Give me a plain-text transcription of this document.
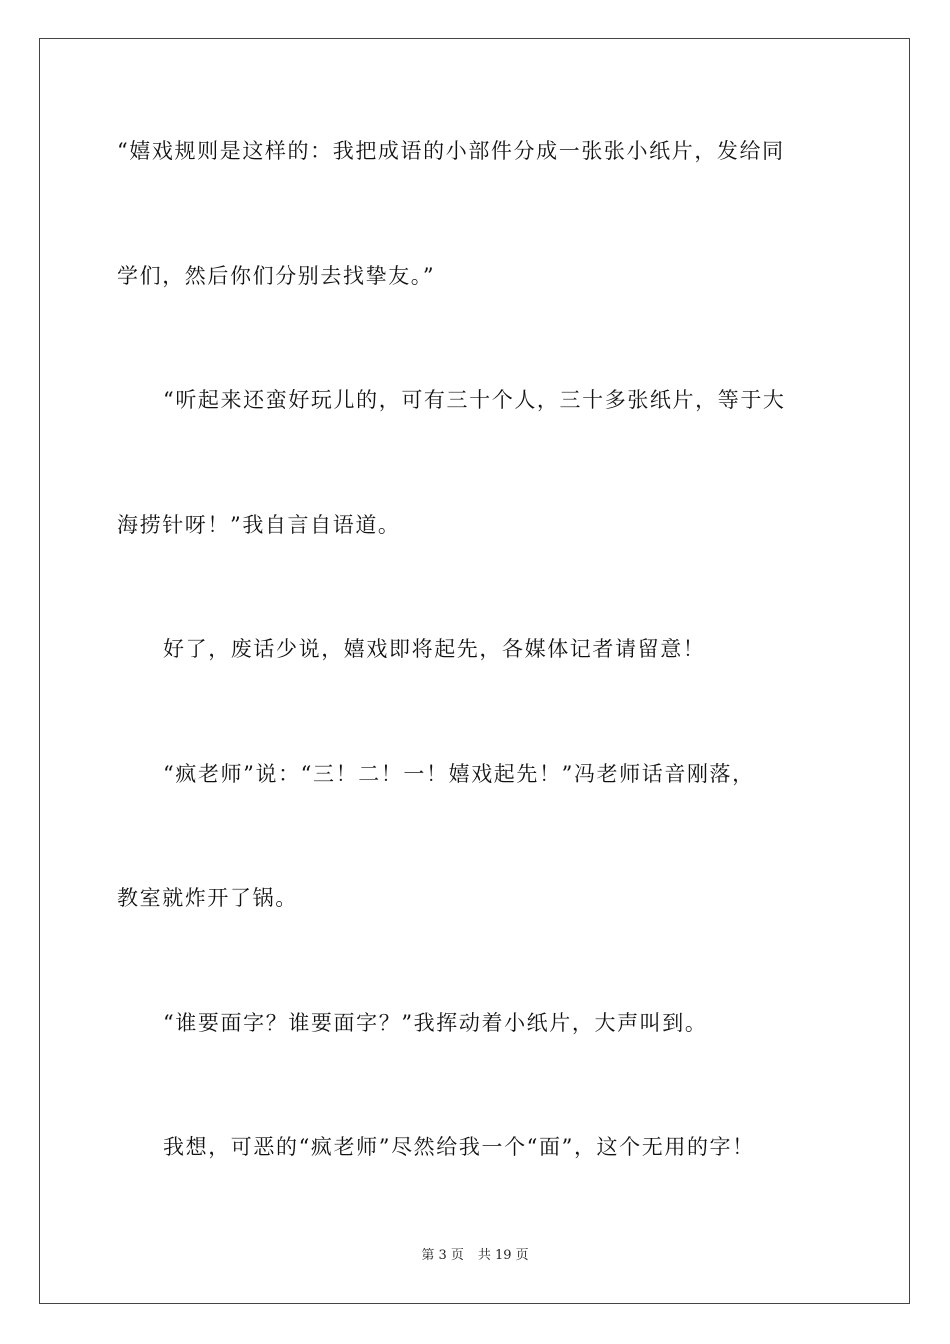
“嬉戏规则是这样的：我把成语的小部件分成一张张小纸片，发给同
学们，然后你们分别去找挚友。”
“听起来还蛮好玩儿的，可有三十个人，三十多张纸片，等于大
海捞针呀！”我自言自语道。
好了，废话少说，嬉戏即将起先，各媒体记者请留意！
“疯老师”说：“三！二！一！嬉戏起先！”冯老师话音刚落，
教室就炸开了锅。
“谁要面字？谁要面字？”我挥动着小纸片，大声叫到。
我想，可恶的“疯老师”尽然给我一个“面”，这个无用的字！
第 3 页 共 19 页
